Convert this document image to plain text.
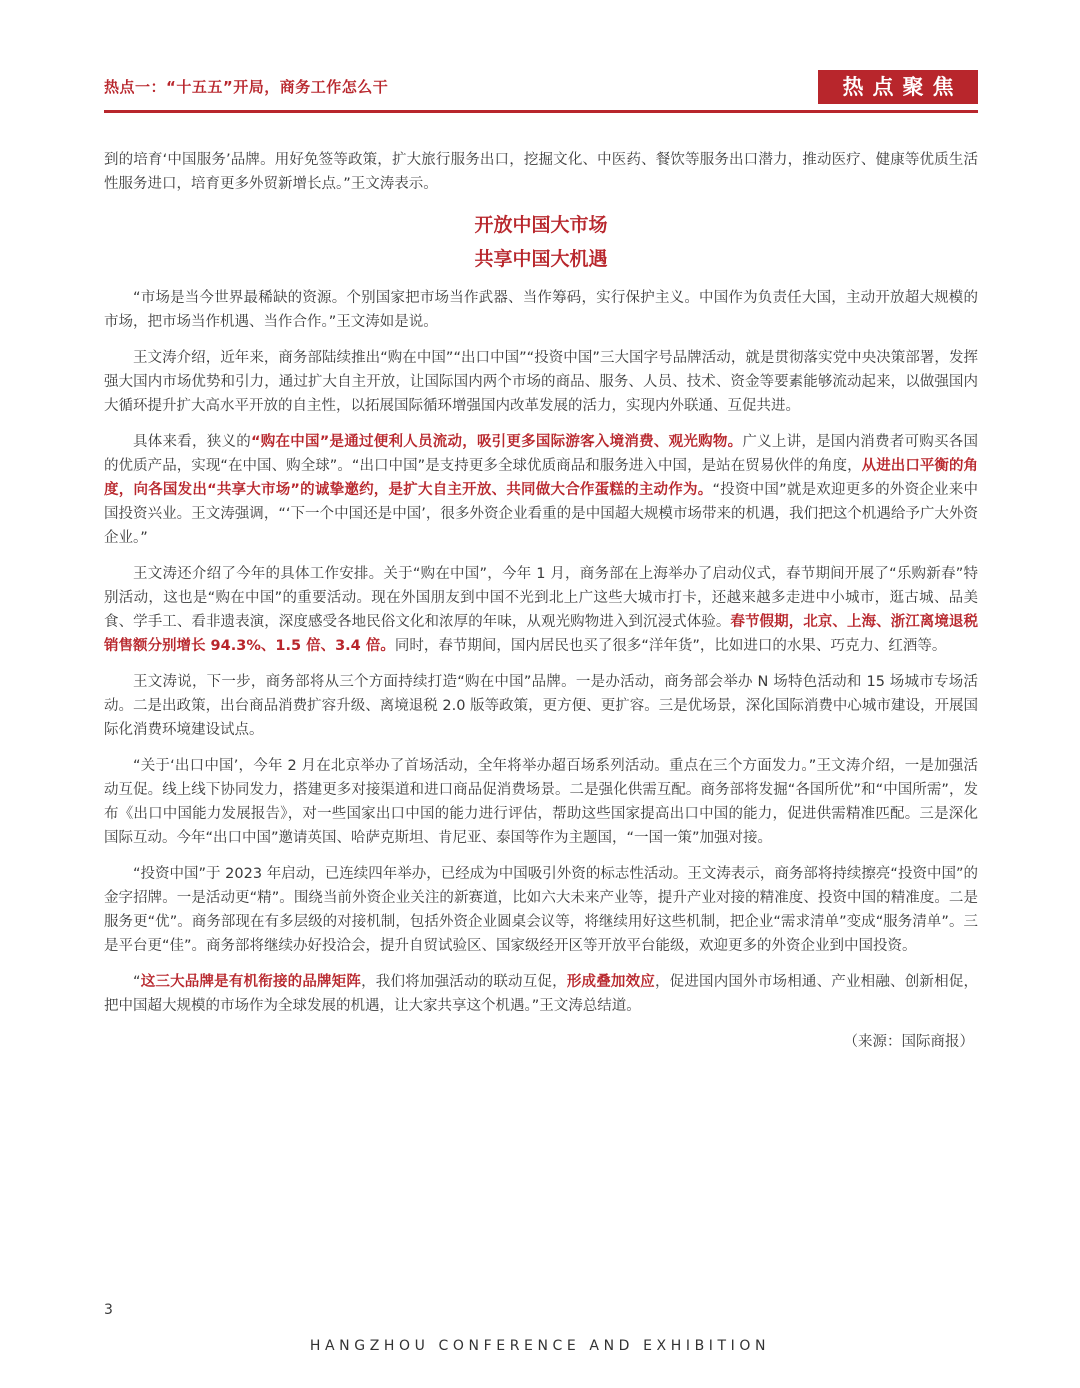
热点一：“十五五”开局，商务工作怎么干	热点聚焦

到的培育‘中国服务’品牌。用好免签等政策，扩大旅行服务出口，挖掘文化、中医药、餐饮等服务出口潜力，推动医疗、健康等优质生活性服务进口，培育更多外贸新增长点。”王文涛表示。

开放中国大市场
共享中国大机遇

“市场是当今世界最稀缺的资源。个别国家把市场当作武器、当作筹码，实行保护主义。中国作为负责任大国，主动开放超大规模的市场，把市场当作机遇、当作合作。”王文涛如是说。

王文涛介绍，近年来，商务部陆续推出“购在中国”“出口中国”“投资中国”三大国字号品牌活动，就是贯彻落实党中央决策部署，发挥强大国内市场优势和引力，通过扩大自主开放，让国际国内两个市场的商品、服务、人员、技术、资金等要素能够流动起来，以做强国内大循环提升扩大高水平开放的自主性，以拓展国际循环增强国内改革发展的活力，实现内外联通、互促共进。

具体来看，狭义的“购在中国”是通过便利人员流动，吸引更多国际游客入境消费、观光购物。广义上讲，是国内消费者可购买各国的优质产品，实现“在中国、购全球”。“出口中国”是支持更多全球优质商品和服务进入中国，是站在贸易伙伴的角度，从进出口平衡的角度，向各国发出“共享大市场”的诚挚邀约，是扩大自主开放、共同做大合作蛋糕的主动作为。“投资中国”就是欢迎更多的外资企业来中国投资兴业。王文涛强调，“‘下一个中国还是中国’，很多外资企业看重的是中国超大规模市场带来的机遇，我们把这个机遇给予广大外资企业。”

王文涛还介绍了今年的具体工作安排。关于“购在中国”，今年 1 月，商务部在上海举办了启动仪式，春节期间开展了“乐购新春”特别活动，这也是“购在中国”的重要活动。现在外国朋友到中国不光到北上广这些大城市打卡，还越来越多走进中小城市，逛古城、品美食、学手工、看非遗表演，深度感受各地民俗文化和浓厚的年味，从观光购物进入到沉浸式体验。春节假期，北京、上海、浙江离境退税销售额分别增长 94.3%、1.5 倍、3.4 倍。同时，春节期间，国内居民也买了很多“洋年货”，比如进口的水果、巧克力、红酒等。

王文涛说，下一步，商务部将从三个方面持续打造“购在中国”品牌。一是办活动，商务部会举办 N 场特色活动和 15 场城市专场活动。二是出政策，出台商品消费扩容升级、离境退税 2.0 版等政策，更方便、更扩容。三是优场景，深化国际消费中心城市建设，开展国际化消费环境建设试点。

“关于‘出口中国’，今年 2 月在北京举办了首场活动，全年将举办超百场系列活动。重点在三个方面发力。”王文涛介绍，一是加强活动互促。线上线下协同发力，搭建更多对接渠道和进口商品促消费场景。二是强化供需互配。商务部将发掘“各国所优”和“中国所需”，发布《出口中国能力发展报告》，对一些国家出口中国的能力进行评估，帮助这些国家提高出口中国的能力，促进供需精准匹配。三是深化国际互动。今年“出口中国”邀请英国、哈萨克斯坦、肯尼亚、泰国等作为主题国，“一国一策”加强对接。

“投资中国”于 2023 年启动，已连续四年举办，已经成为中国吸引外资的标志性活动。王文涛表示，商务部将持续擦亮“投资中国”的金字招牌。一是活动更“精”。围绕当前外资企业关注的新赛道，比如六大未来产业等，提升产业对接的精准度、投资中国的精准度。二是服务更“优”。商务部现在有多层级的对接机制，包括外资企业圆桌会议等，将继续用好这些机制，把企业“需求清单”变成“服务清单”。三是平台更“佳”。商务部将继续办好投洽会，提升自贸试验区、国家级经开区等开放平台能级，欢迎更多的外资企业到中国投资。

“这三大品牌是有机衔接的品牌矩阵，我们将加强活动的联动互促，形成叠加效应，促进国内国外市场相通、产业相融、创新相促，把中国超大规模的市场作为全球发展的机遇，让大家共享这个机遇。”王文涛总结道。

（来源：国际商报）
3
HANGZHOU CONFERENCE AND EXHIBITION
